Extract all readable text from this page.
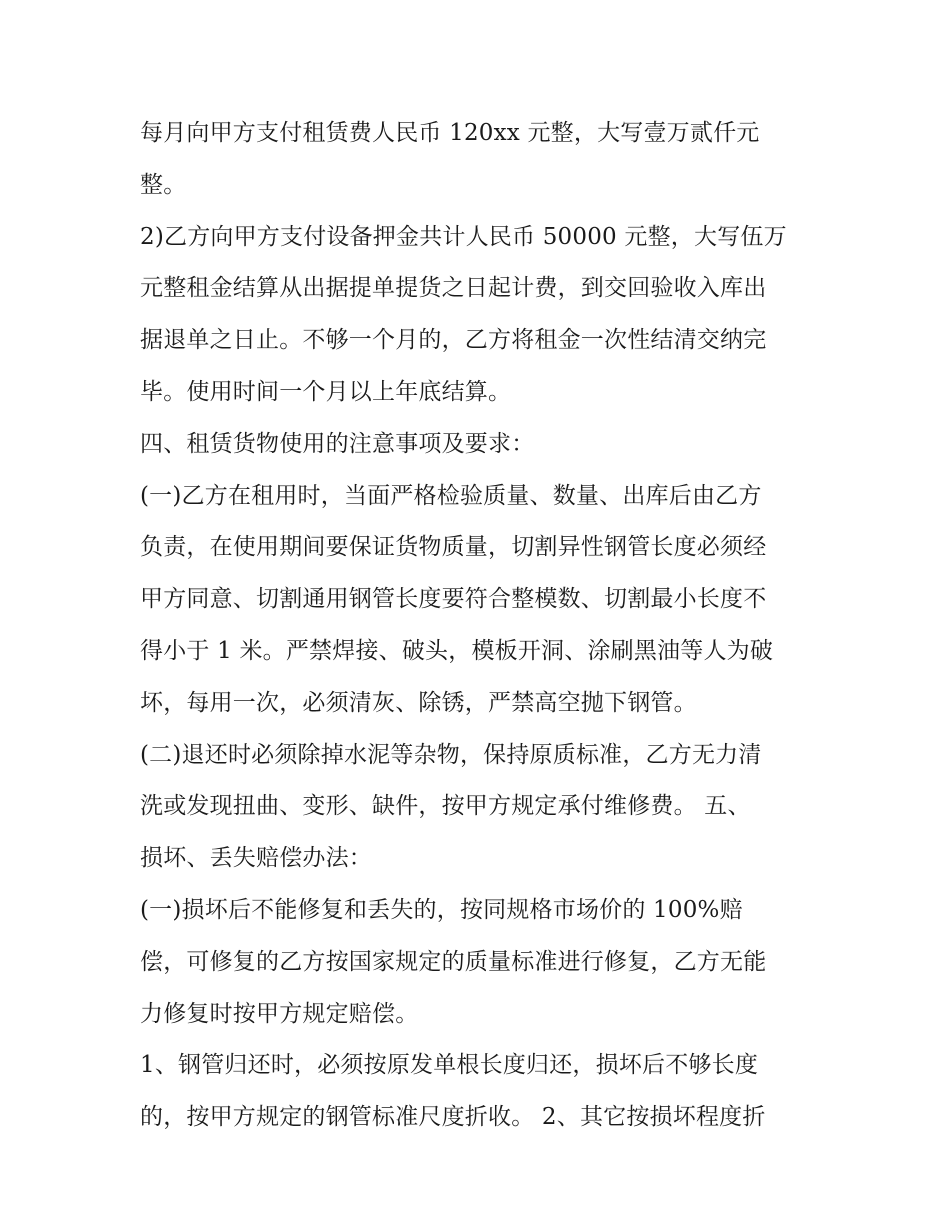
每月向甲方支付租赁费人民币 120xx 元整，大写壹万贰仟元
整。
2)乙方向甲方支付设备押金共计人民币 50000 元整，大写伍万
元整租金结算从出据提单提货之日起计费，到交回验收入库出
据退单之日止。不够一个月的，乙方将租金一次性结清交纳完
毕。使用时间一个月以上年底结算。
四、租赁货物使用的注意事项及要求：
(一)乙方在租用时，当面严格检验质量、数量、出库后由乙方
负责，在使用期间要保证货物质量，切割异性钢管长度必须经
甲方同意、切割通用钢管长度要符合整模数、切割最小长度不
得小于 1 米。严禁焊接、破头，模板开洞、涂刷黑油等人为破
坏，每用一次，必须清灰、除锈，严禁高空抛下钢管。
(二)退还时必须除掉水泥等杂物，保持原质标准，乙方无力清
洗或发现扭曲、变形、缺件，按甲方规定承付维修费。 五、
损坏、丢失赔偿办法：
(一)损坏后不能修复和丢失的，按同规格市场价的 100%赔
偿，可修复的乙方按国家规定的质量标准进行修复，乙方无能
力修复时按甲方规定赔偿。
1、钢管归还时，必须按原发单根长度归还，损坏后不够长度
的，按甲方规定的钢管标准尺度折收。 2、其它按损坏程度折
